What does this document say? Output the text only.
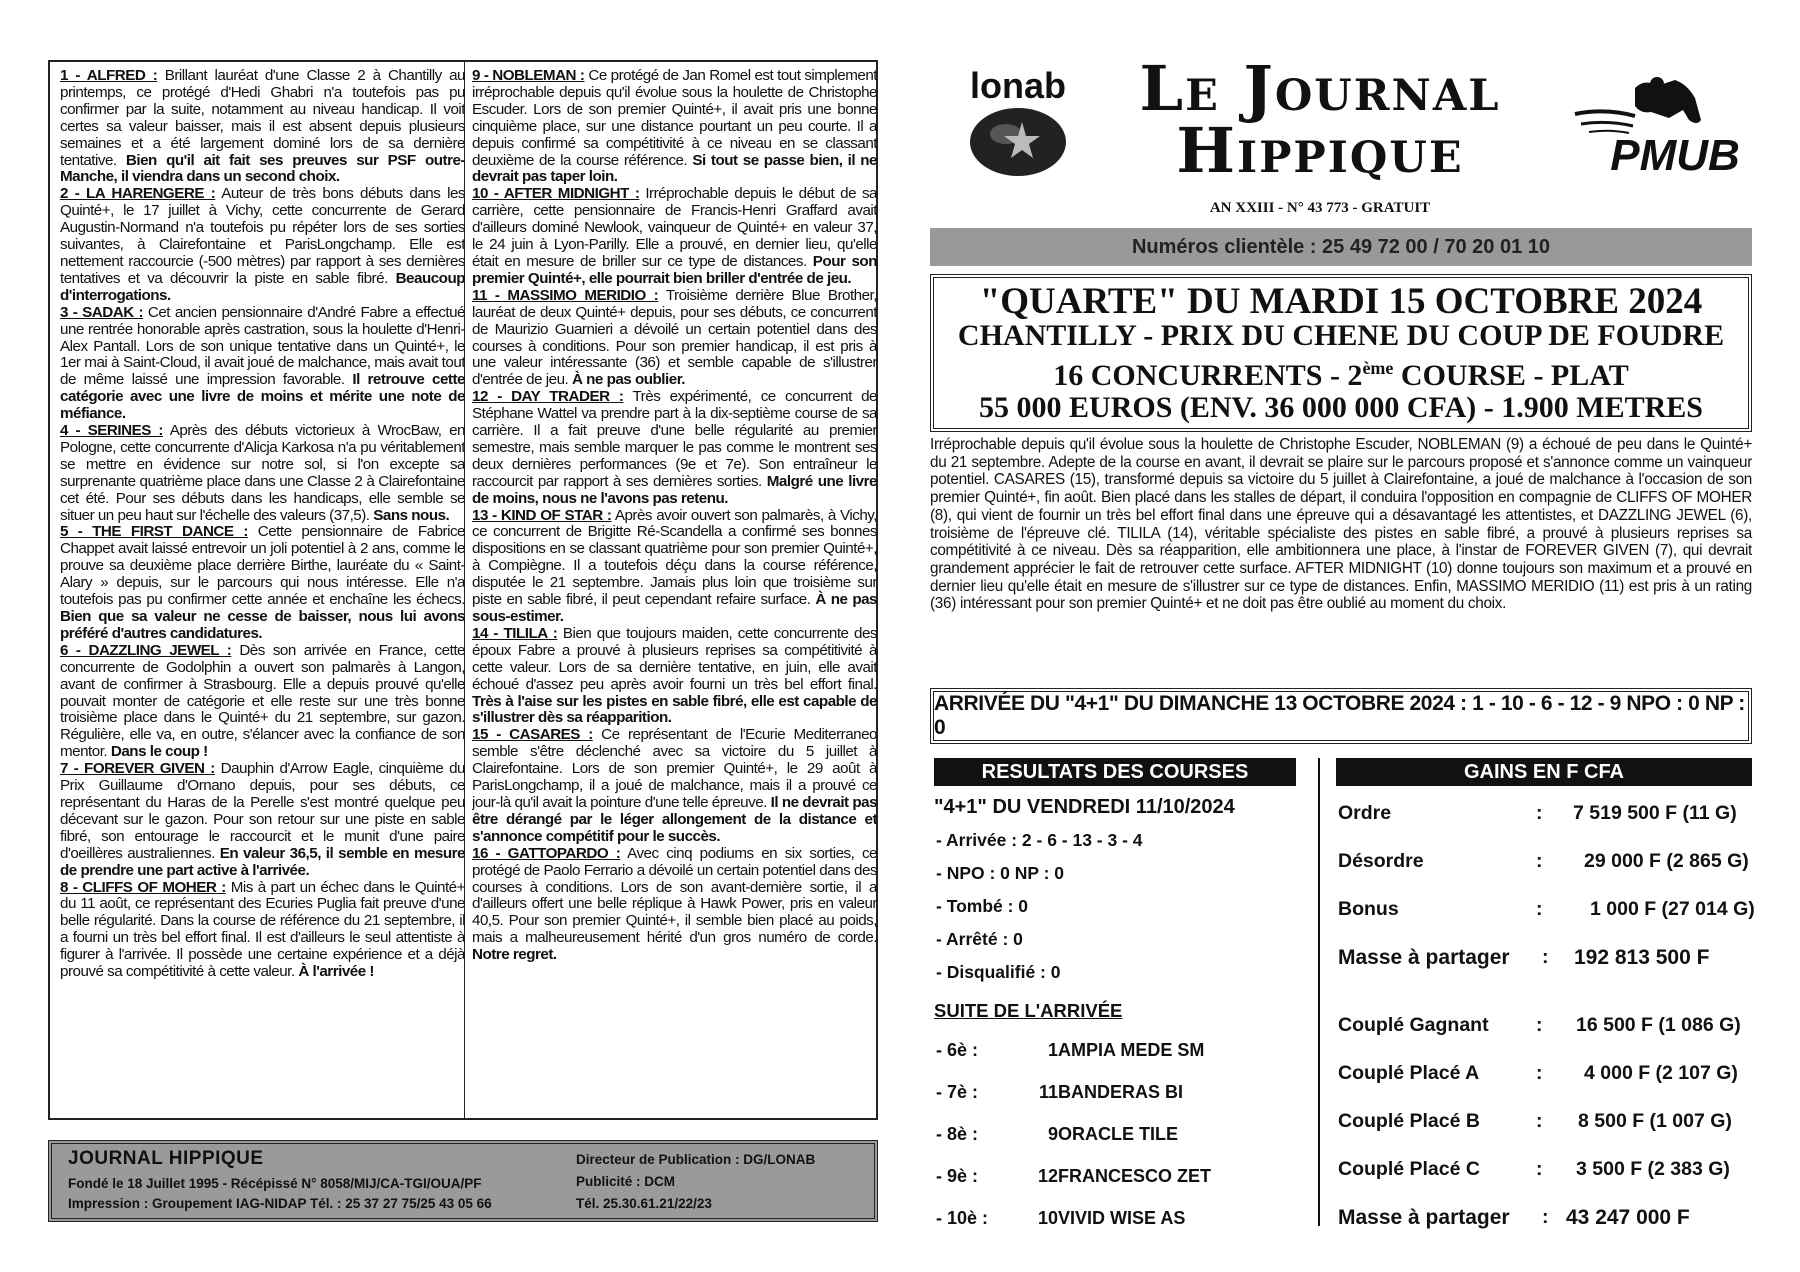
1 - ALFRED : Brillant lauréat d'une Classe 2 à Chantilly au printemps, ce protégé d'Hedi Ghabri n'a toutefois pas pu confirmer par la suite, notamment au niveau handicap. Il voit certes sa valeur baisser, mais il est absent depuis plusieurs semaines et a été largement dominé lors de sa dernière tentative. Bien qu'il ait fait ses preuves sur PSF outre-Manche, il viendra dans un second choix.
2 - LA HARENGERE : Auteur de très bons débuts dans les Quinté+, le 17 juillet à Vichy, cette concurrente de Gerard Augustin-Normand n'a toutefois pu répéter lors de ses sorties suivantes, à Clairefontaine et ParisLongchamp. Elle est nettement raccourcie (-500 mètres) par rapport à ses dernières tentatives et va découvrir la piste en sable fibré. Beaucoup d'interrogations.
3 - SADAK : Cet ancien pensionnaire d'André Fabre a effectué une rentrée honorable après castration, sous la houlette d'Henri-Alex Pantall. Lors de son unique tentative dans un Quinté+, le 1er mai à Saint-Cloud, il avait joué de malchance, mais avait tout de même laissé une impression favorable. Il retrouve cette catégorie avec une livre de moins et mérite une note de méfiance.
4 - SERINES : Après des débuts victorieux à WrocBaw, en Pologne, cette concurrente d'Alicja Karkosa n'a pu véritablement se mettre en évidence sur notre sol, si l'on excepte sa surprenante quatrième place dans une Classe 2 à Clairefontaine cet été. Pour ses débuts dans les handicaps, elle semble se situer un peu haut sur l'échelle des valeurs (37,5). Sans nous.
5 - THE FIRST DANCE : Cette pensionnaire de Fabrice Chappet avait laissé entrevoir un joli potentiel à 2 ans, comme le prouve sa deuxième place derrière Birthe, lauréate du « Saint-Alary » depuis, sur le parcours qui nous intéresse. Elle n'a toutefois pas pu confirmer cette année et enchaîne les échecs. Bien que sa valeur ne cesse de baisser, nous lui avons préféré d'autres candidatures.
6 - DAZZLING JEWEL : Dès son arrivée en France, cette concurrente de Godolphin a ouvert son palmarès à Langon, avant de confirmer à Strasbourg. Elle a depuis prouvé qu'elle pouvait monter de catégorie et elle reste sur une très bonne troisième place dans le Quinté+ du 21 septembre, sur gazon. Régulière, elle va, en outre, s'élancer avec la confiance de son mentor. Dans le coup !
7 - FOREVER GIVEN : Dauphin d'Arrow Eagle, cinquième du Prix Guillaume d'Ornano depuis, pour ses débuts, ce représentant du Haras de la Perelle s'est montré quelque peu décevant sur le gazon. Pour son retour sur une piste en sable fibré, son entourage le raccourcit et le munit d'une paire d'oeillères australiennes. En valeur 36,5, il semble en mesure de prendre une part active à l'arrivée.
8 - CLIFFS OF MOHER : Mis à part un échec dans le Quinté+ du 11 août, ce représentant des Ecuries Puglia fait preuve d'une belle régularité. Dans la course de référence du 21 septembre, il a fourni un très bel effort final. Il est d'ailleurs le seul attentiste à figurer à l'arrivée. Il possède une certaine expérience et a déjà prouvé sa compétitivité à cette valeur. À l'arrivée !
9 - NOBLEMAN : Ce protégé de Jan Romel est tout simplement irréprochable depuis qu'il évolue sous la houlette de Christophe Escuder. Lors de son premier Quinté+, il avait pris une bonne cinquième place, sur une distance pourtant un peu courte. Il a depuis confirmé sa compétitivité à ce niveau en se classant deuxième de la course référence. Si tout se passe bien, il ne devrait pas taper loin.
10 - AFTER MIDNIGHT : Irréprochable depuis le début de sa carrière, cette pensionnaire de Francis-Henri Graffard avait d'ailleurs dominé Newlook, vainqueur de Quinté+ en valeur 37, le 24 juin à Lyon-Parilly. Elle a prouvé, en dernier lieu, qu'elle était en mesure de briller sur ce type de distances. Pour son premier Quinté+, elle pourrait bien briller d'entrée de jeu.
11 - MASSIMO MERIDIO : Troisième derrière Blue Brother, lauréat de deux Quinté+ depuis, pour ses débuts, ce concurrent de Maurizio Guarnieri a dévoilé un certain potentiel dans des courses à conditions. Pour son premier handicap, il est pris à une valeur intéressante (36) et semble capable de s'illustrer d'entrée de jeu. À ne pas oublier.
12 - DAY TRADER : Très expérimenté, ce concurrent de Stéphane Wattel va prendre part à la dix-septième course de sa carrière. Il a fait preuve d'une belle régularité au premier semestre, mais semble marquer le pas comme le montrent ses deux dernières performances (9e et 7e). Son entraîneur le raccourcit par rapport à ses dernières sorties. Malgré une livre de moins, nous ne l'avons pas retenu.
13 - KIND OF STAR : Après avoir ouvert son palmarès, à Vichy, ce concurrent de Brigitte Ré-Scandella a confirmé ses bonnes dispositions en se classant quatrième pour son premier Quinté+, à Compiègne. Il a toutefois déçu dans la course référence, disputée le 21 septembre. Jamais plus loin que troisième sur piste en sable fibré, il peut cependant refaire surface. À ne pas sous-estimer.
14 - TILILA : Bien que toujours maiden, cette concurrente des époux Fabre a prouvé à plusieurs reprises sa compétitivité à cette valeur. Lors de sa dernière tentative, en juin, elle avait échoué d'assez peu après avoir fourni un très bel effort final. Très à l'aise sur les pistes en sable fibré, elle est capable de s'illustrer dès sa réapparition.
15 - CASARES : Ce représentant de l'Ecurie Mediterraneo semble s'être déclenché avec sa victoire du 5 juillet à Clairefontaine. Lors de son premier Quinté+, le 29 août à ParisLongchamp, il a joué de malchance, mais il a prouvé ce jour-là qu'il avait la pointure d'une telle épreuve. Il ne devrait pas être dérangé par le léger allongement de la distance et s'annonce compétitif pour le succès.
16 - GATTOPARDO : Avec cinq podiums en six sorties, ce protégé de Paolo Ferrario a dévoilé un certain potentiel dans des courses à conditions. Lors de son avant-dernière sortie, il a d'ailleurs offert une belle réplique à Hawk Power, pris en valeur 40,5. Pour son premier Quinté+, il semble bien placé au poids, mais a malheureusement hérité d'un gros numéro de corde. Notre regret.
JOURNAL HIPPIQUE
Fondé le 18 Juillet 1995 - Récépissé N° 8058/MIJ/CA-TGI/OUA/PF
Impression : Groupement IAG-NIDAP Tél. : 25 37 27 75/25 43 05 66
Directeur de Publication : DG/LONAB
Publicité : DCM
Tél. 25.30.61.21/22/23
lonab	Le Journal
Hippique	PMUB
AN XXIII - N° 43 773 - GRATUIT
Numéros clientèle : 25 49 72 00 / 70 20 01 10
"QUARTE" DU MARDI 15 OCTOBRE 2024
CHANTILLY - PRIX DU CHENE DU COUP DE FOUDRE
16 CONCURRENTS - 2ème COURSE - PLAT
55 000 EUROS (ENV. 36 000 000 CFA) - 1.900 METRES
Irréprochable depuis qu'il évolue sous la houlette de Christophe Escuder, NOBLEMAN (9) a échoué de peu dans le Quinté+ du 21 septembre. Adepte de la course en avant, il devrait se plaire sur le parcours proposé et s'annonce comme un vainqueur potentiel. CASARES (15), transformé depuis sa victoire du 5 juillet à Clairefontaine, a joué de malchance à l'occasion de son premier Quinté+, fin août. Bien placé dans les stalles de départ, il conduira l'opposition en compagnie de CLIFFS OF MOHER (8), qui vient de fournir un très bel effort final dans une épreuve qui a désavantagé les attentistes, et DAZZLING JEWEL (6), troisième de l'épreuve clé. TILILA (14), véritable spécialiste des pistes en sable fibré, a prouvé à plusieurs reprises sa compétitivité à ce niveau. Dès sa réapparition, elle ambitionnera une place, à l'instar de FOREVER GIVEN (7), qui devrait grandement apprécier le fait de retrouver cette surface. AFTER MIDNIGHT (10) donne toujours son maximum et a prouvé en dernier lieu qu'elle était en mesure de s'illustrer sur ce type de distances. Enfin, MASSIMO MERIDIO (11) est pris à un rating (36) intéressant pour son premier Quinté+ et ne doit pas être oublié au moment du choix.
ARRIVÉE DU "4+1" DU DIMANCHE 13 OCTOBRE 2024 : 1 - 10 - 6 - 12 - 9 NPO : 0 NP : 0
RESULTATS DES COURSES	GAINS EN F CFA
"4+1" DU VENDREDI 11/10/2024
- Arrivée : 2 - 6 - 13 - 3 - 4
- NPO : 0 NP : 0
- Tombé : 0
- Arrêté : 0
- Disqualifié : 0
SUITE DE L'ARRIVÉE
- 6è :	1 AMPIA MEDE SM
- 7è :	11 BANDERAS BI
- 8è :	9 ORACLE TILE
- 9è :	12 FRANCESCO ZET
- 10è :	10 VIVID WISE AS
Ordre	: 7 519 500 F (11 G)
Désordre	: 29 000 F (2 865 G)
Bonus	: 1 000 F (27 014 G)
Masse à partager : 192 813 500 F
Couplé Gagnant : 16 500 F (1 086 G)
Couplé Placé A	: 4 000 F (2 107 G)
Couplé Placé B	: 8 500 F (1 007 G)
Couplé Placé C	: 3 500 F (2 383 G)
Masse à partager : 43 247 000 F
